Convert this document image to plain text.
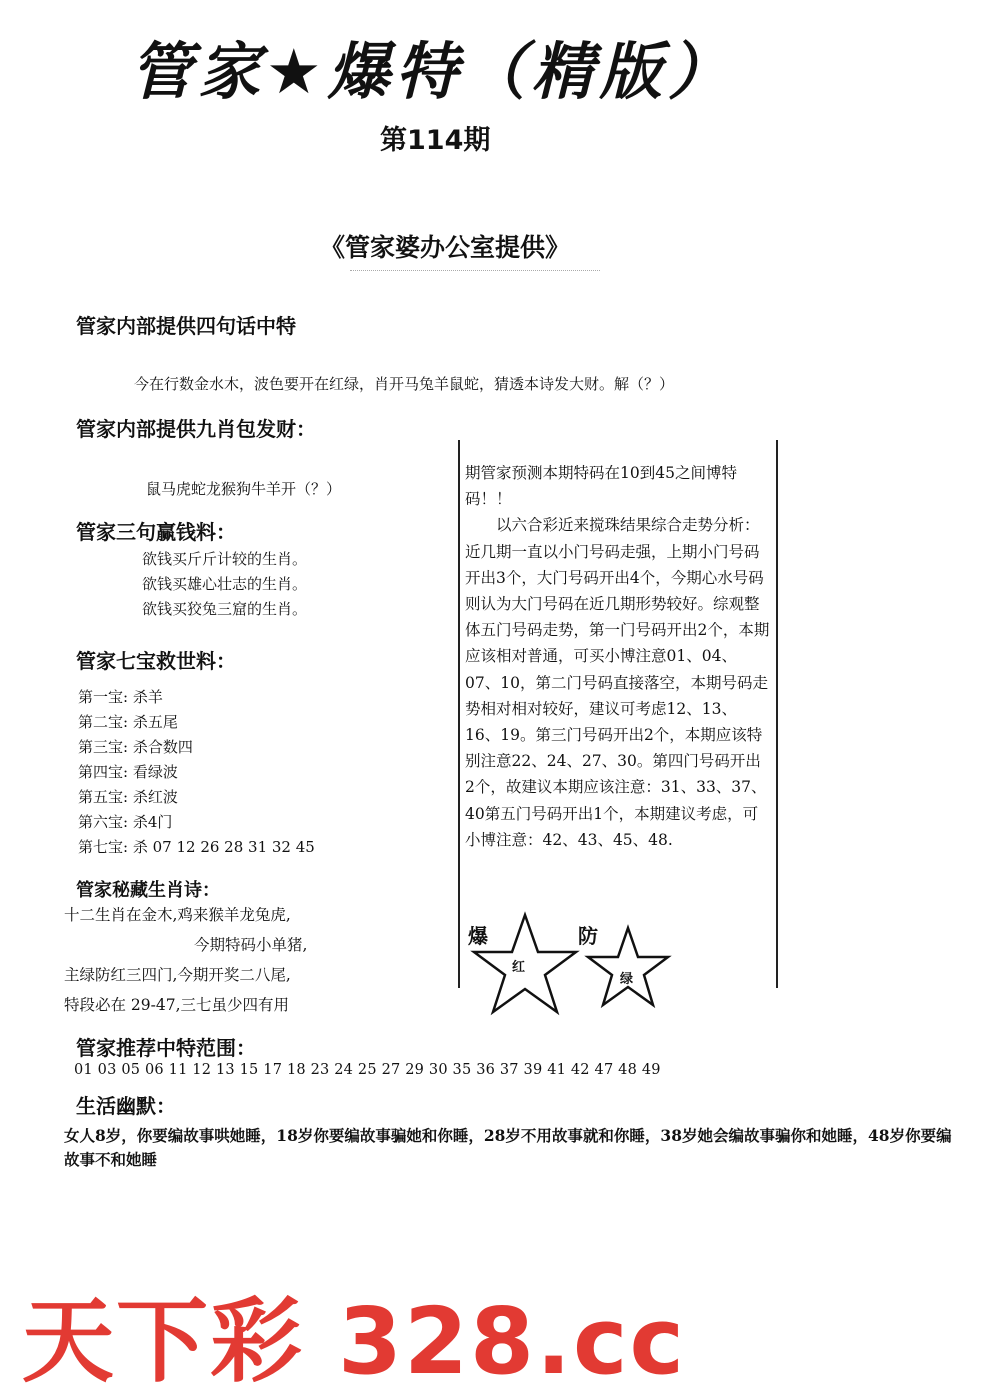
管家★爆特（精版）
第114期
《管家婆办公室提供》
管家内部提供四句话中特
今在行数金水木，波色要开在红绿，肖开马兔羊鼠蛇，猜透本诗发大财。解（？）
管家内部提供九肖包发财：
鼠马虎蛇龙猴狗牛羊开（？）
管家三句赢钱料：
欲钱买斤斤计较的生肖。
欲钱买雄心壮志的生肖。
欲钱买狡兔三窟的生肖。
管家七宝救世料：
第一宝: 杀羊
第二宝: 杀五尾
第三宝: 杀合数四
第四宝: 看绿波
第五宝: 杀红波
第六宝: 杀4门
第七宝: 杀 07 12 26 28 31 32 45
管家秘藏生肖诗：
十二生肖在金木,鸡来猴羊龙兔虎,
今期特码小单猪,
主绿防红三四门,今期开奖二八尾,
特段必在 29-47,三七虽少四有用

期管家预测本期特码在10到45之间博特码！！

以六合彩近来搅珠结果综合走势分析：近几期一直以小门号码走强，上期小门号码开出3个，大门号码开出4个，今期心水号码则认为大门号码在近几期形势较好。综观整体五门号码走势，第一门号码开出2个，本期应该相对普通，可买小博注意01、04、07、10，第二门号码直接落空，本期号码走势相对相对较好，建议可考虑12、13、16、19。第三门号码开出2个，本期应该特别注意22、24、27、30。第四门号码开出2个，故建议本期应该注意：31、33、37、40第五门号码开出1个，本期建议考虑，可小博注意：42、43、45、48.

爆	防
红
绿
管家推荐中特范围：
01 03 05 06 11 12 13 15 17 18 23 24 25 27 29 30 35 36 37 39 41 42 47 48 49
生活幽默：
女人8岁，你要编故事哄她睡，18岁你要编故事骗她和你睡，28岁不用故事就和你睡，38岁她会编故事骗你和她睡，48岁你要编故事不和她睡
天下彩 328.cc
